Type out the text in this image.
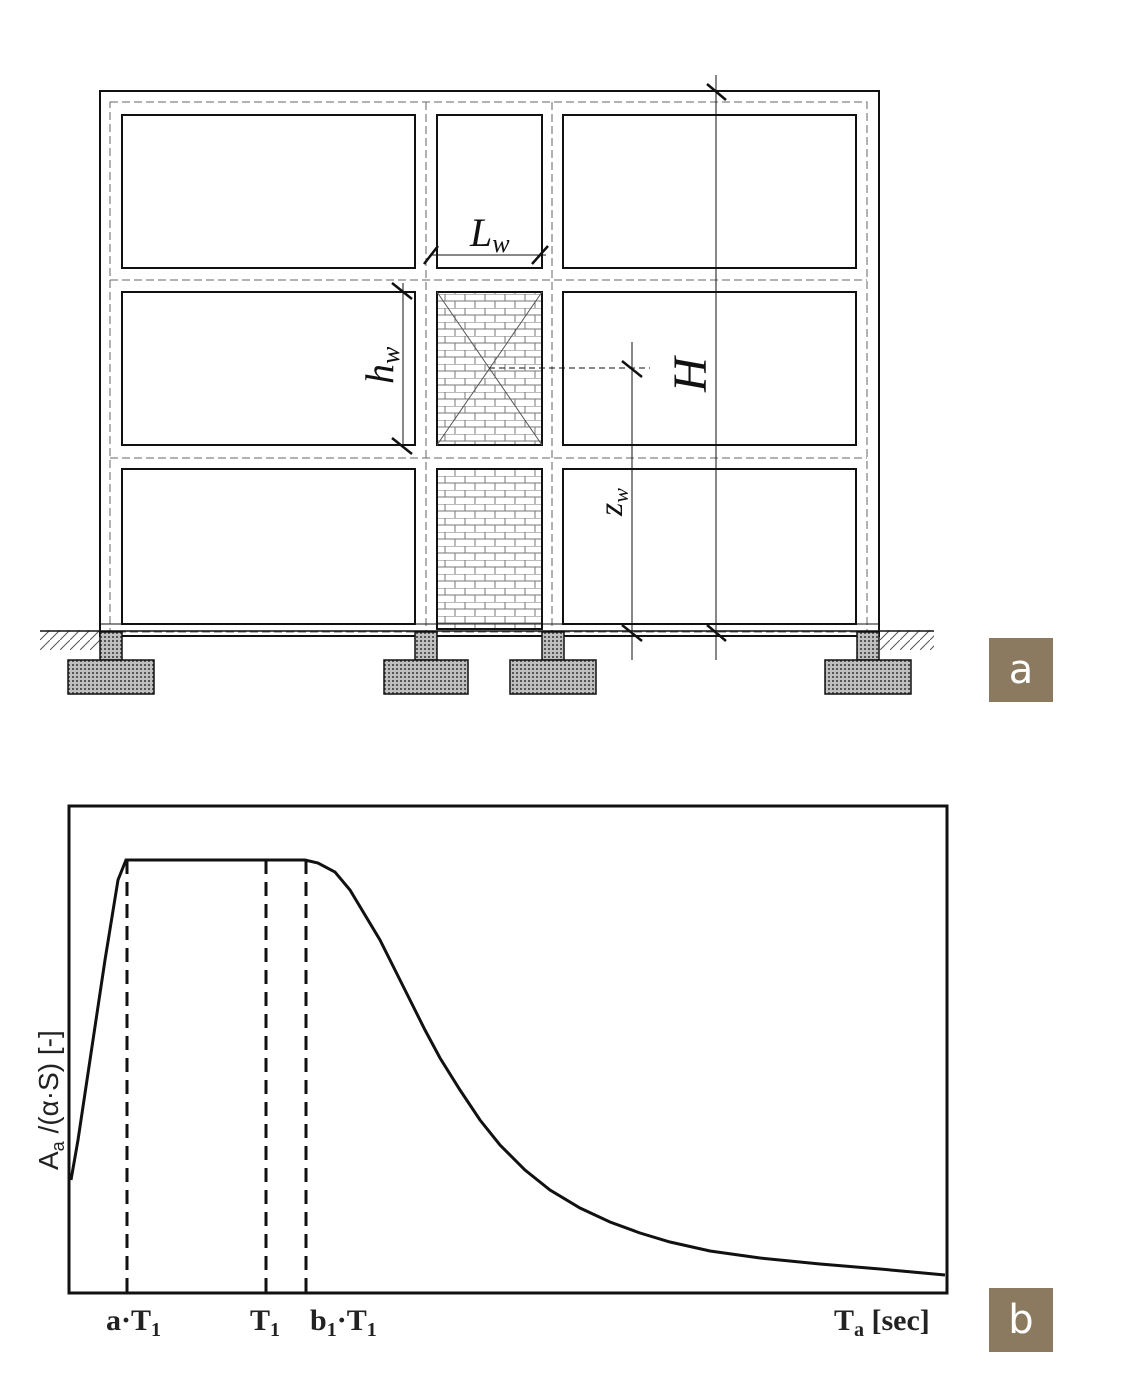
Lw
hw
H
zw
$A_a$ /(α·S) [-]
$a\cdot T_1$	$T_1$ $b_1\cdot T_1$	$T_a$ [sec]
a
b
